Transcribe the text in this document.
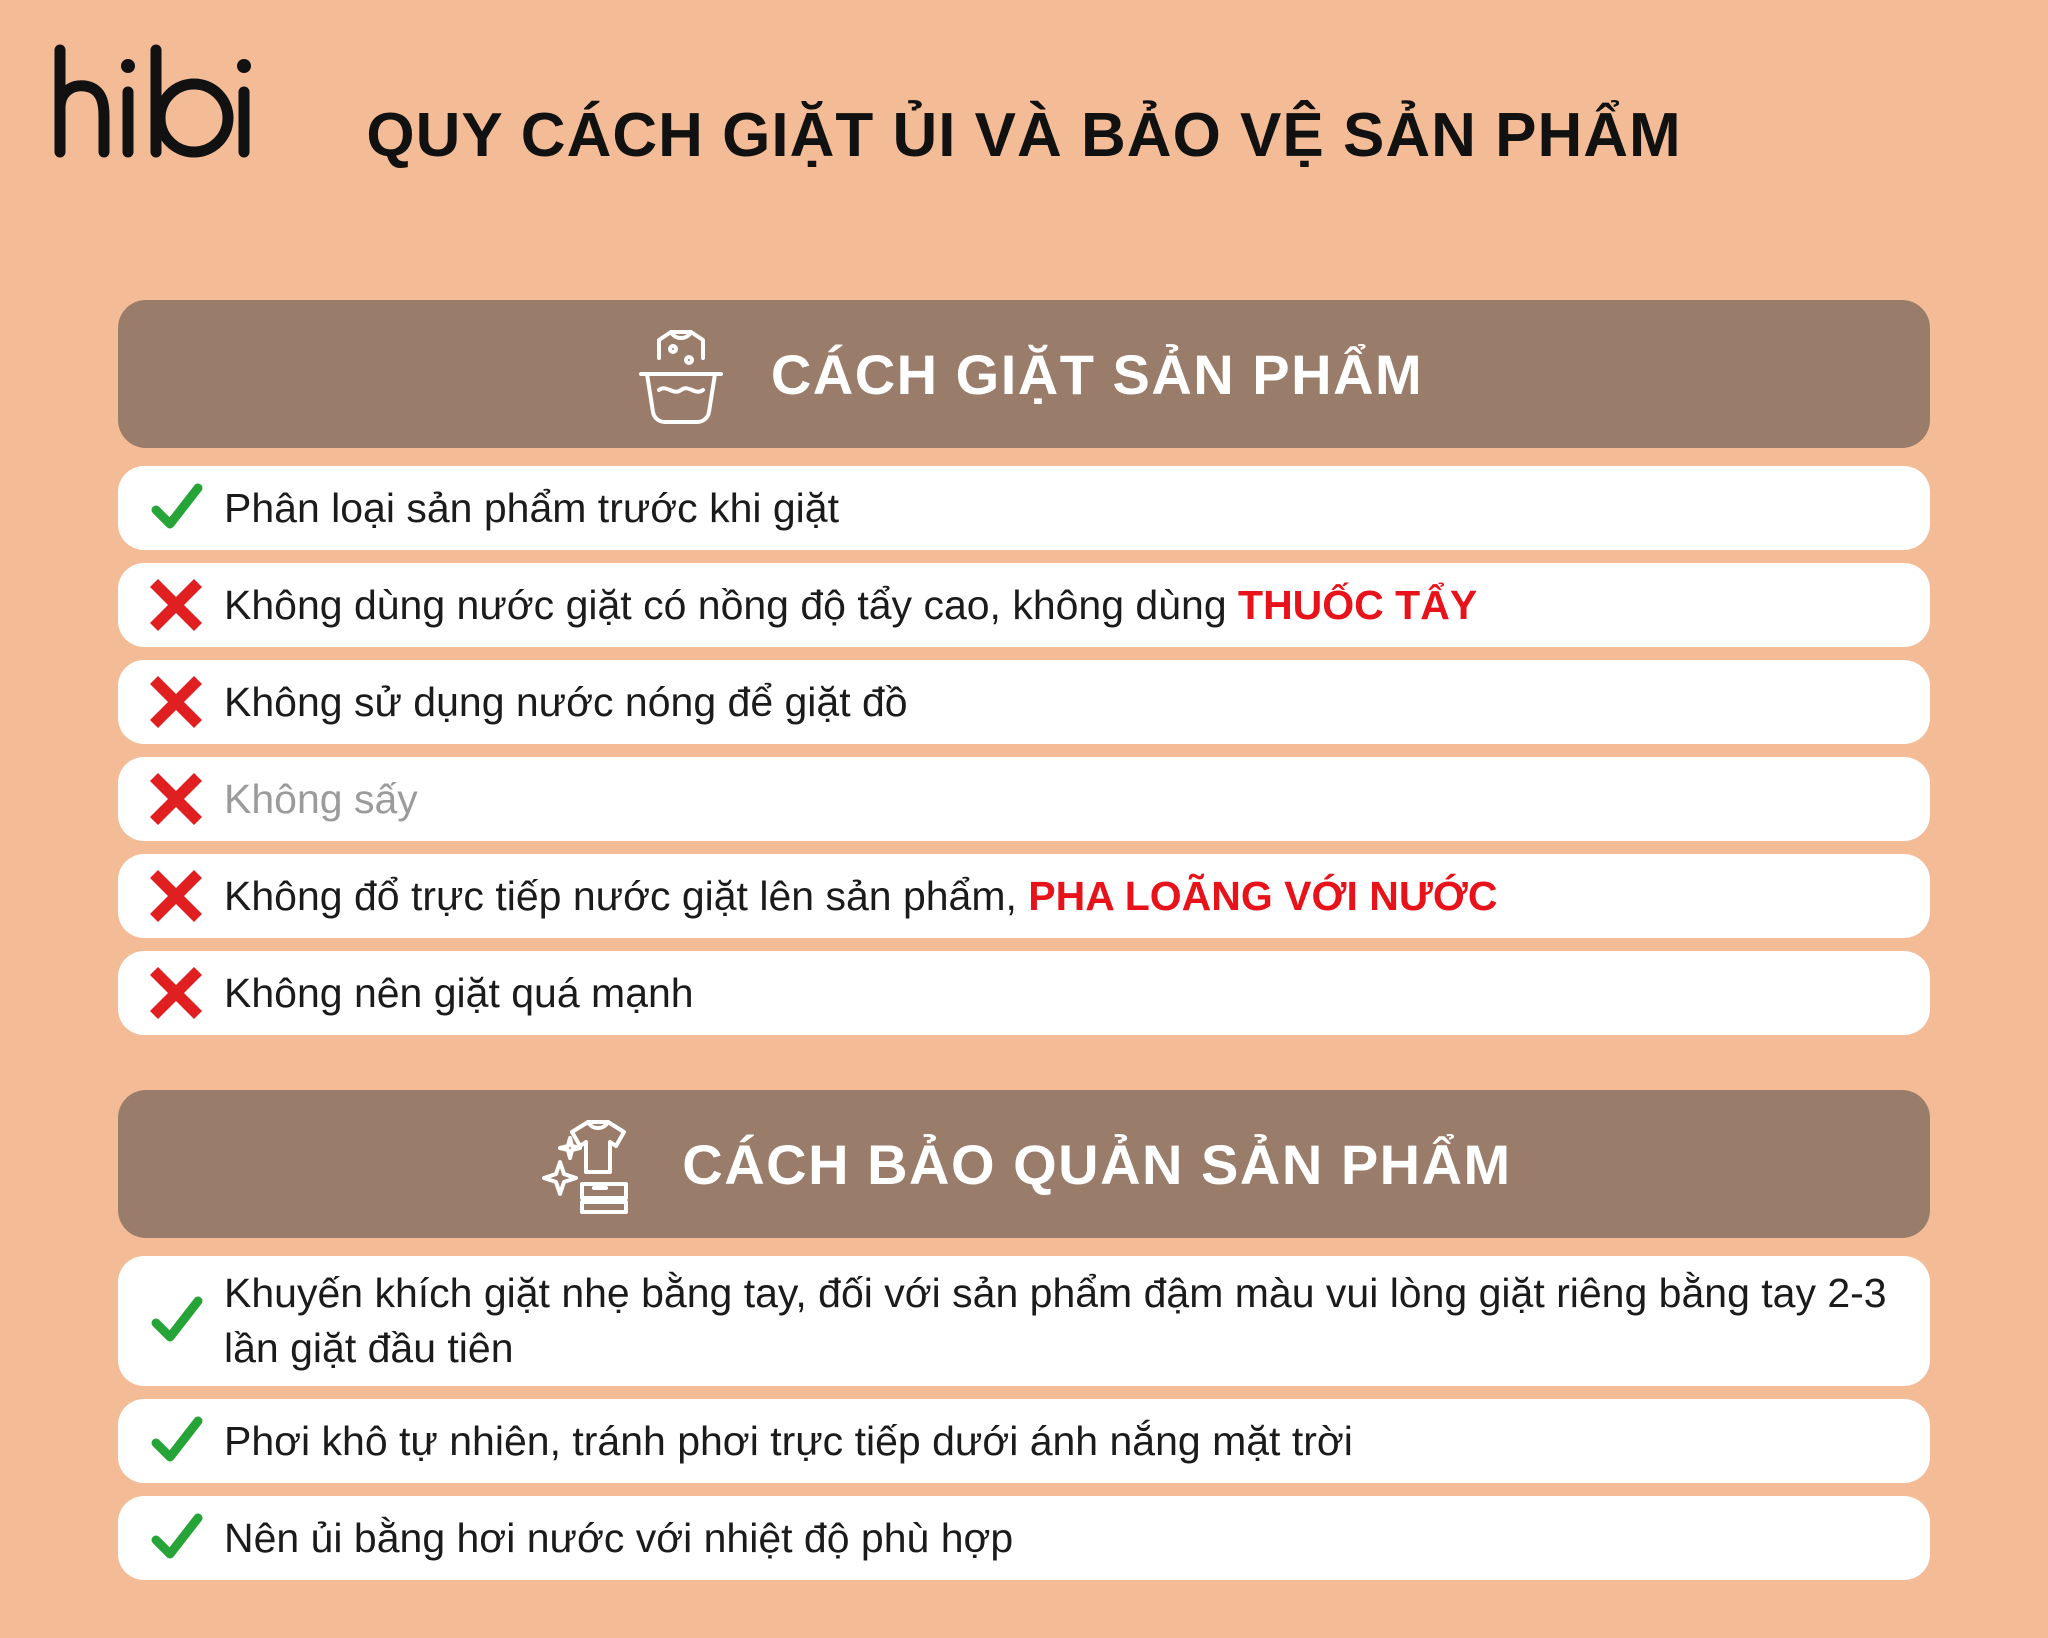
QUY CÁCH GIẶT ỦI VÀ BẢO VỆ SẢN PHẨM
CÁCH GIẶT SẢN PHẨM
Phân loại sản phẩm trước khi giặt
Không dùng nước giặt có nồng độ tẩy cao, không dùng THUỐC TẨY
Không sử dụng nước nóng để giặt đồ
Không sấy
Không đổ trực tiếp nước giặt lên sản phẩm, PHA LOÃNG VỚI NƯỚC
Không nên giặt quá mạnh
CÁCH BẢO QUẢN SẢN PHẨM
Khuyến khích giặt nhẹ bằng tay, đối với sản phẩm đậm màu vui lòng giặt riêng bằng tay 2-3 lần giặt đầu tiên
Phơi khô tự nhiên, tránh phơi trực tiếp dưới ánh nắng mặt trời
Nên ủi bằng hơi nước với nhiệt độ phù hợp
